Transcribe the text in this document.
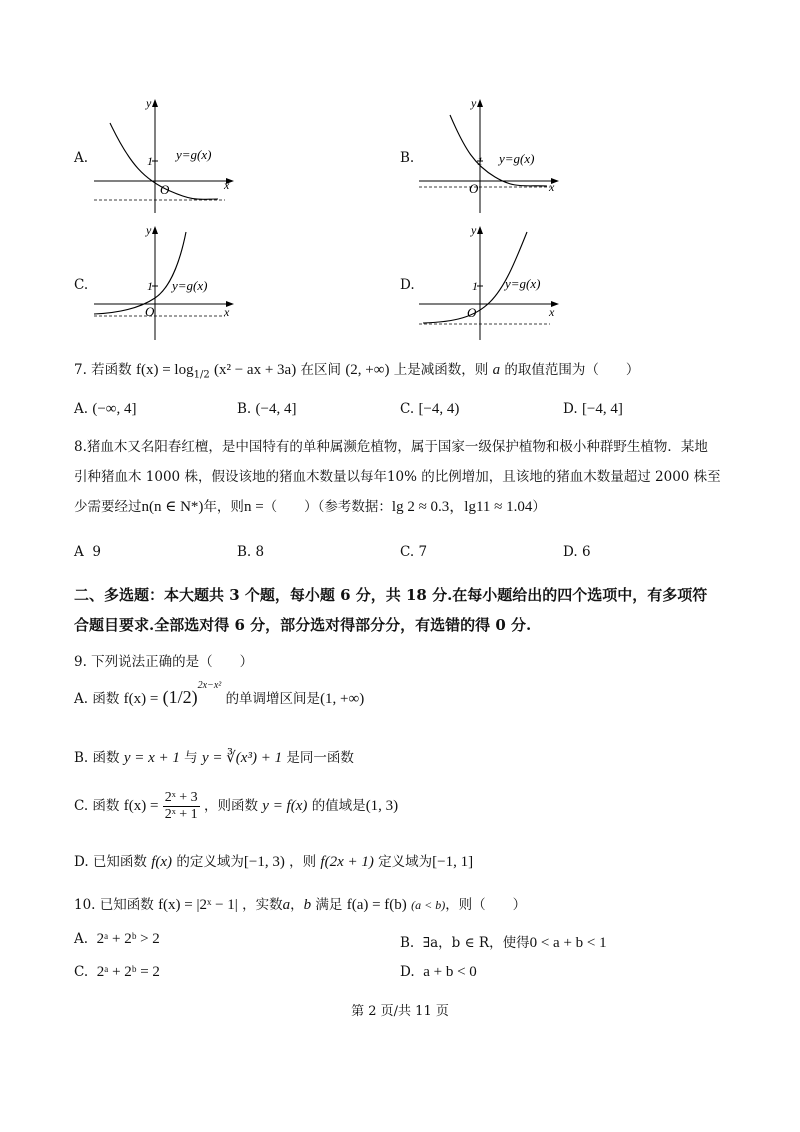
A.
y
x
O
1 y=g(x)	B.
y
x
O
1 y=g(x)
C.
y
x
O
1 y=g(x)	D.
y
x
O
1 y=g(x)
7. 若函数 $f(x) = \log_{1/2} (x^2$ − ax + 3a) 在区间 (2, +∞) 上是减函数，则 a 的取值范围为（　　）
A. (−∞, 4]	B. (−4, 4]	C. [−4, 4)	D. [−4, 4]
8.猪血木又名阳春红檀，是中国特有的单种属濒危植物，属于国家一级保护植物和极小种群野生植物．某地
引种猪血木 1000 株，假设该地的猪血木数量以每年10% 的比例增加，且该地的猪血木数量超过 2000 株至
少需要经过n(n ∈ N*)年，则n =（　　）（参考数据：lg 2 ≈ 0.3，lg11 ≈ 1.04）
A 9	B. 8	C. 7	D. 6
二、多选题：本大题共 3 个题，每小题 6 分，共 18 分.在每小题给出的四个选项中，有多项符
合题目要求.全部选对得 6 分，部分选对得部分分，有选错的得 0 分.
9. 下列说法正确的是（　　）
A. 函数 $f(x) = (1/2)^{2x-x^2}$ 的单调增区间是(1, +∞)
B. 函数 y = x + 1 与 y = ∛(x³) + 1 是同一函数
C. 函数 $f(x) = \frac{\text{2ˣ + 3}}{\text{2ˣ + 1}}$ ，则函数 y = f(x) 的值域是(1, 3)
D. 已知函数 f(x) 的定义域为[−1, 3) ，则 f(2x + 1) 定义域为[−1, 1]
10. 已知函数 f(x) = |2ˣ − 1| ，实数a，b 满足 f(a) = f(b) (a < b)，则（　　）
A. 2ᵃ + 2ᵇ > 2	B. ∃a，b ∈ R，使得0 < a + b < 1
C. 2ᵃ + 2ᵇ = 2	D. a + b < 0
第 2 页/共 11 页
